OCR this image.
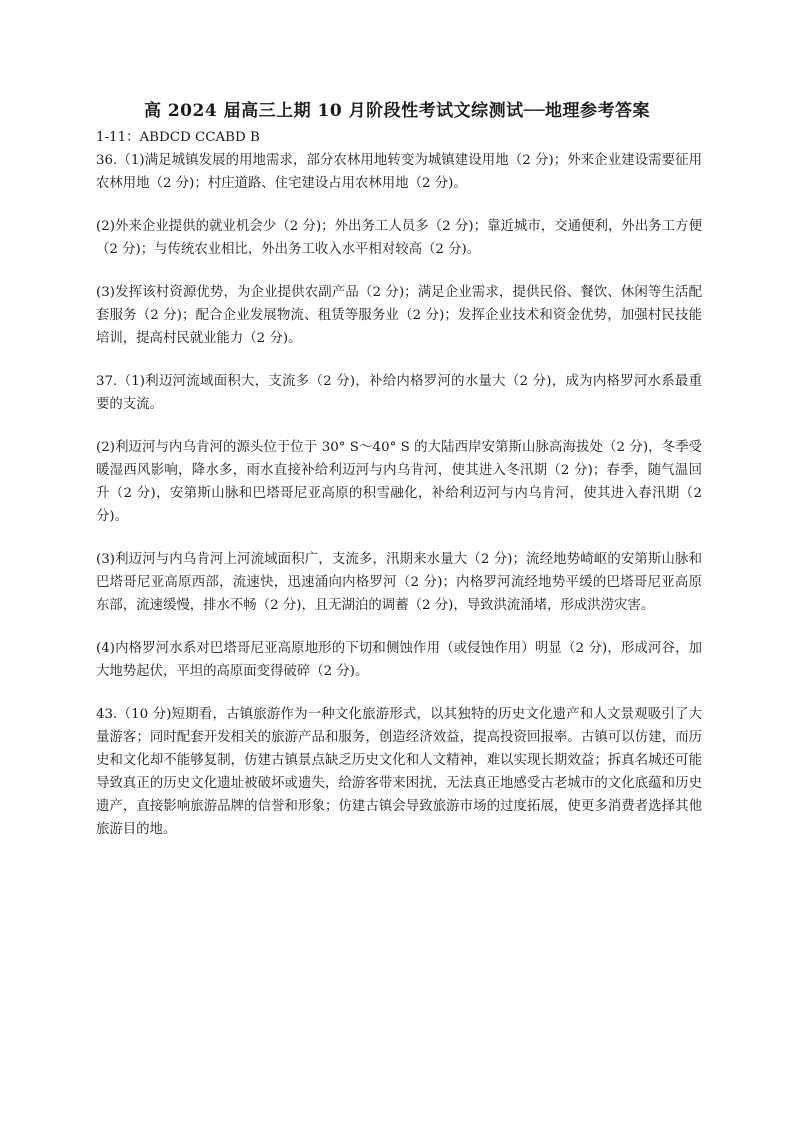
高 2024 届高三上期 10 月阶段性考试文综测试──地理参考答案

1-11：ABDCD CCABD B

36.（1)满足城镇发展的用地需求，部分农林用地转变为城镇建设用地（2 分)；外来企业建设需要征用农林用地（2 分)；村庄道路、住宅建设占用农林用地（2 分)。

(2)外来企业提供的就业机会少（2 分)；外出务工人员多（2 分)；靠近城市，交通便利，外出务工方便（2 分)；与传统农业相比，外出务工收入水平相对较高（2 分)。

(3)发挥该村资源优势，为企业提供农副产品（2 分)；满足企业需求，提供民俗、餐饮、休闲等生活配套服务（2 分)；配合企业发展物流、租赁等服务业（2 分)；发挥企业技术和资金优势，加强村民技能培训，提高村民就业能力（2 分)。

37.（1)利迈河流域面积大，支流多（2 分)，补给内格罗河的水量大（2 分)，成为内格罗河水系最重要的支流。

(2)利迈河与内乌肯河的源头位于位于 30° S～40° S 的大陆西岸安第斯山脉高海拔处（2 分)，冬季受暖湿西风影响，降水多，雨水直接补给利迈河与内乌肯河，使其进入冬汛期（2 分)；春季，随气温回升（2 分)，安第斯山脉和巴塔哥尼亚高原的积雪融化，补给利迈河与内乌肯河，使其进入春汛期（2 分)。

(3)利迈河与内乌肯河上河流域面积广，支流多，汛期来水量大（2 分)；流经地势崎岖的安第斯山脉和巴塔哥尼亚高原西部，流速快，迅速涌向内格罗河（2 分)；内格罗河流经地势平缓的巴塔哥尼亚高原东部，流速缓慢，排水不畅（2 分)，且无湖泊的调蓄（2 分)，导致洪流涌堵，形成洪涝灾害。

(4)内格罗河水系对巴塔哥尼亚高原地形的下切和侧蚀作用（或侵蚀作用）明显（2 分)，形成河谷，加大地势起伏，平坦的高原面变得破碎（2 分)。

43.（10 分)短期看，古镇旅游作为一种文化旅游形式，以其独特的历史文化遗产和人文景观吸引了大量游客；同时配套开发相关的旅游产品和服务，创造经济效益，提高投资回报率。古镇可以仿建，而历史和文化却不能够复制，仿建古镇景点缺乏历史文化和人文精神，难以实现长期效益；拆真名城还可能导致真正的历史文化遗址被破坏或遗失，给游客带来困扰，无法真正地感受古老城市的文化底蕴和历史遗产，直接影响旅游品牌的信誉和形象；仿建古镇会导致旅游市场的过度拓展，使更多消费者选择其他旅游目的地。
